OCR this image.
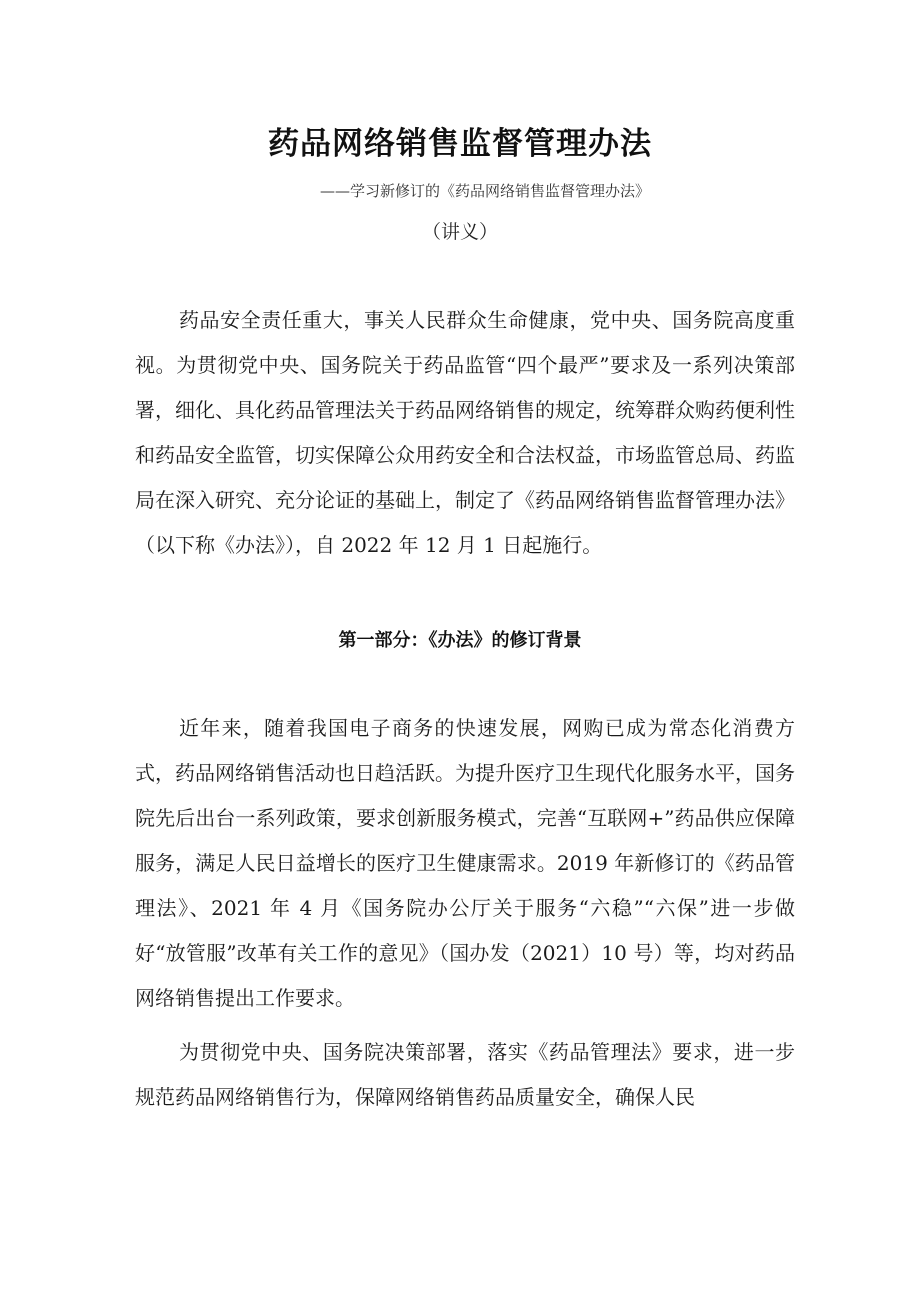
药品网络销售监督管理办法
——学习新修订的《药品网络销售监督管理办法》
（讲义）

药品安全责任重大，事关人民群众生命健康，党中央、国务院高度重视。为贯彻党中央、国务院关于药品监管“四个最严”要求及一系列决策部署，细化、具化药品管理法关于药品网络销售的规定，统筹群众购药便利性和药品安全监管，切实保障公众用药安全和合法权益，市场监管总局、药监局在深入研究、充分论证的基础上，制定了《药品网络销售监督管理办法》（以下称《办法》），自 2022 年 12 月 1 日起施行。

第一部分：《办法》的修订背景

近年来，随着我国电子商务的快速发展，网购已成为常态化消费方式，药品网络销售活动也日趋活跃。为提升医疗卫生现代化服务水平，国务院先后出台一系列政策，要求创新服务模式，完善“互联网+”药品供应保障服务，满足人民日益增长的医疗卫生健康需求。2019 年新修订的《药品管理法》、2021 年 4 月《国务院办公厅关于服务“六稳”“六保”进一步做好“放管服”改革有关工作的意见》（国办发（2021）10 号）等，均对药品网络销售提出工作要求。

为贯彻党中央、国务院决策部署，落实《药品管理法》要求，进一步规范药品网络销售行为，保障网络销售药品质量安全，确保人民
